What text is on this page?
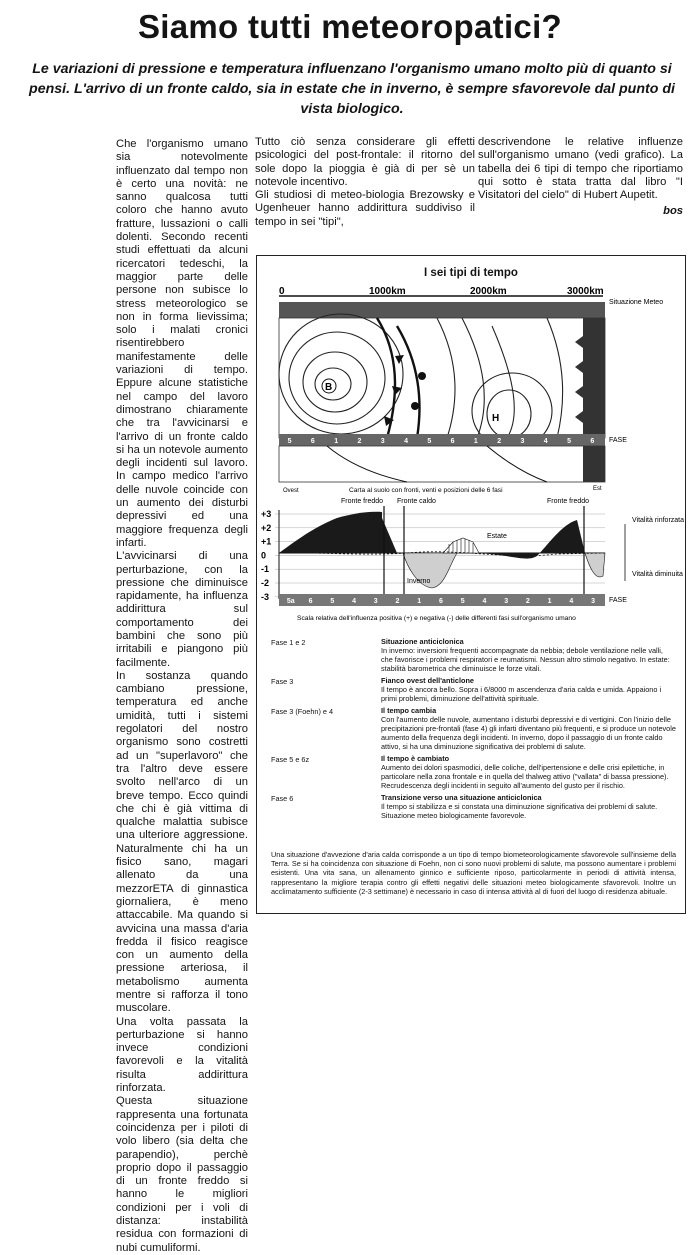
Siamo tutti meteoropatici?
Le variazioni di pressione e temperatura influenzano l'organismo umano molto più di quanto si pensi. L'arrivo di un fronte caldo, sia in estate che in inverno, è sempre sfavorevole dal punto di vista biologico.

Che l'organismo umano sia notevolmente influenzato dal tempo non è certo una novità: ne sanno qualcosa tutti coloro che hanno avuto fratture, lussazioni o calli dolenti. Secondo recenti studi effettuati da alcuni ricercatori tedeschi, la maggior parte delle persone non subisce lo stress meteorologico se non in forma lievissima; solo i malati cronici risentirebbero manifestamente delle variazioni di tempo. Eppure alcune statistiche nel campo del lavoro dimostrano chiaramente che tra l'avvicinarsi e l'arrivo di un fronte caldo si ha un notevole aumento degli incidenti sul lavoro. In campo medico l'arrivo delle nuvole coincide con un aumento dei disturbi depressivi ed una maggiore frequenza degli infarti.

L'avvicinarsi di una perturbazione, con la pressione che diminuisce rapidamente, ha influenza addirittura sul comportamento dei bambini che sono più irritabili e piangono più facilmente.

In sostanza quando cambiano pressione, temperatura ed anche umidità, tutti i sistemi regolatori del nostro organismo sono costretti ad un "superlavoro" che tra l'altro deve essere svolto nell'arco di un breve tempo. Ecco quindi che chi è già vittima di qualche malattia subisce una ulteriore aggressione. Naturalmente chi ha un fisico sano, magari allenato da una mezzorETA di ginnastica giornaliera, è meno attaccabile. Ma quando si avvicina una massa d'aria fredda il fisico reagisce con un aumento della pressione arteriosa, il metabolismo aumenta mentre si rafforza il tono muscolare.

Una volta passata la perturbazione si hanno invece condizioni favorevoli e la vitalità risulta addirittura rinforzata.

Questa situazione rappresenta una fortunata coincidenza per i piloti di volo libero (sia delta che parapendio), perchè proprio dopo il passaggio di un fronte freddo si hanno le migliori condizioni per i voli di distanza: instabilità residua con formazioni di nubi cumuliformi.

Tutto ciò senza considerare gli effetti psicologici del post-frontale: il ritorno del sole dopo la pioggia è già di per sè un notevole incentivo.
Gli studiosi di meteo-biologia Brezowsky e Ugenheuer hanno addirittura suddiviso il tempo in sei "tipi",

descrivendone le relative influenze sull'organismo umano (vedi grafico). La tabella dei 6 tipi di tempo che riportiamo qui sotto è stata tratta dal libro "I Visitatori del cielo" di Hubert Aupetit.

bos
I sei tipi di tempo
0	1000km	2000km	3000km
Situazione Meteo
B
H
Ovest	Est
FASE
5	6	1	2	3	4	5	6	1	2	3	4	5	6
Carta al suolo con fronti, venti e posizioni delle 6 fasi
Fronte freddo Fronte caldo	Fronte freddo
+3
+2
+1
0
-1
-2
-3
Estate
Inverno
Vitalità rinforzata
Vitalità diminuita
FASE
5a 6	5	4	3	2	1	6	5	4	3	2	1	4	3
Scala relativa dell'influenza positiva (+) e negativa (-) delle differenti fasi sull'organismo umano
Fase 1 e 2	Situazione anticiclonica
In inverno: inversioni frequenti accompagnate da nebbia; debole ventilazione nelle valli, che favorisce i problemi respiratori e reumatismi. Nessun altro stimolo negativo. In estate: stabilità barometrica che diminuisce le forze vitali.
Fase 3	Fianco ovest dell'anticlone
Il tempo è ancora bello. Sopra i 6/8000 m ascendenza d'aria calda e umida. Appaiono i primi problemi, diminuzione dell'attività spirituale.
Fase 3 (Foehn) e 4	Il tempo cambia
Con l'aumento delle nuvole, aumentano i disturbi depressivi e di vertigini. Con l'inizio delle precipitazioni pre-frontali (fase 4) gli infarti diventano più frequenti, e si produce un notevole aumento della frequenza degli incidenti. In inverno, dopo il passaggio di un fronte caldo attivo, si ha una diminuzione significativa dei problemi di salute.
Fase 5 e 6z	Il tempo è cambiato
Aumento dei dolori spasmodici, delle coliche, dell'ipertensione e delle crisi epilettiche, in particolare nella zona frontale e in quella del thalweg attivo ("vallata" di bassa pressione). Recrudescenza degli incidenti in seguito all'aumento del gusto per il rischio.
Fase 6	Transizione verso una situazione anticiclonica
Il tempo si stabilizza e si constata una diminuzione significativa dei problemi di salute. Situazione meteo biologicamente favorevole.
Una situazione d'avvezione d'aria calda corrisponde a un tipo di tempo biometeorologicamente sfavorevole sull'insieme della Terra. Se si ha coincidenza con situazione di Foehn, non ci sono nuovi problemi di salute, ma possono aumentare i problemi esistenti. Una vita sana, un allenamento ginnico e sufficiente riposo, particolarmente in periodi di attività intensa, rappresentano la migliore terapia contro gli effetti negativi delle situazioni meteo biologicamente sfavorevoli. Inoltre un acclimatamento sufficiente (2-3 settimane) è necessario in caso di intensa attività al di fuori del luogo di residenza abituale.
